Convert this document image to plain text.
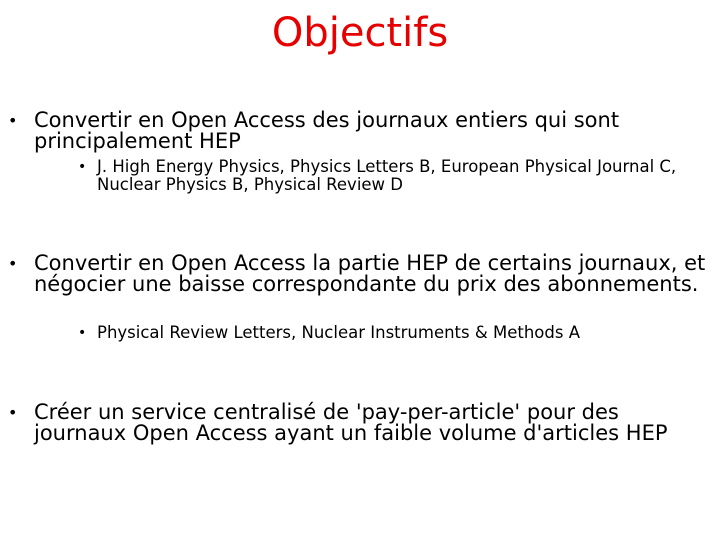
Objectifs
• Convertir en Open Access des journaux entiers qui sont principalement HEP
• J. High Energy Physics, Physics Letters B, European Physical Journal C, Nuclear Physics B, Physical Review D
• Convertir en Open Access la partie HEP de certains journaux, et négocier une baisse correspondante du prix des abonnements.
• Physical Review Letters, Nuclear Instruments & Methods A
• Créer un service centralisé de 'pay-per-article' pour des journaux Open Access ayant un faible volume d'articles HEP
